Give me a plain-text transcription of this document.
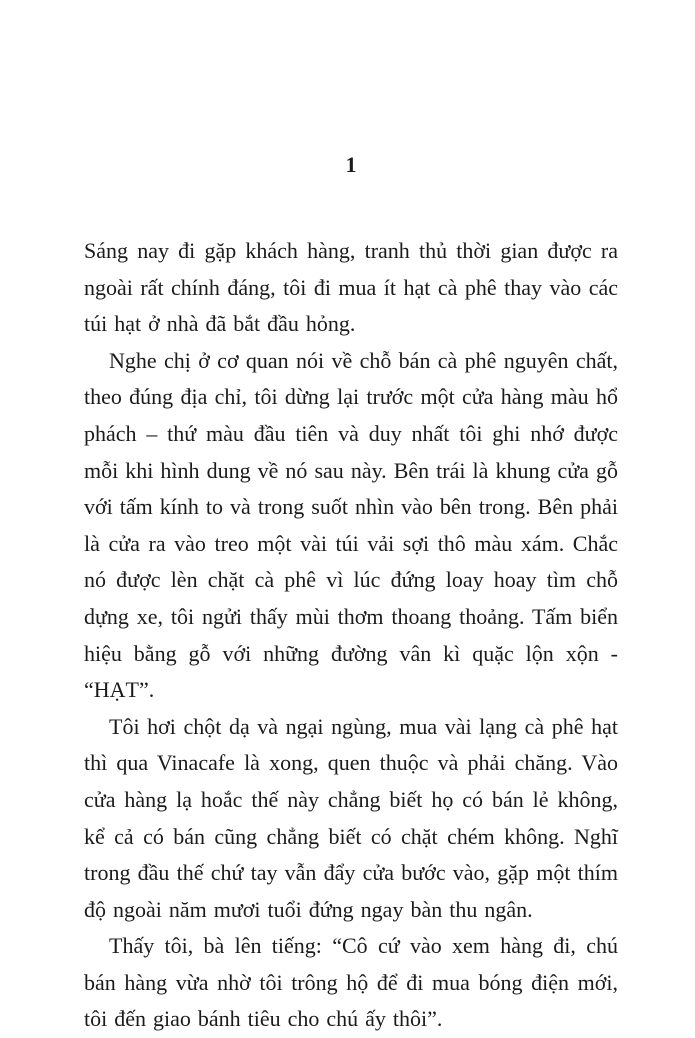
1

Sáng nay đi gặp khách hàng, tranh thủ thời gian được ra ngoài rất chính đáng, tôi đi mua ít hạt cà phê thay vào các túi hạt ở nhà đã bắt đầu hỏng.

Nghe chị ở cơ quan nói về chỗ bán cà phê nguyên chất, theo đúng địa chỉ, tôi dừng lại trước một cửa hàng màu hổ phách – thứ màu đầu tiên và duy nhất tôi ghi nhớ được mỗi khi hình dung về nó sau này. Bên trái là khung cửa gỗ với tấm kính to và trong suốt nhìn vào bên trong. Bên phải là cửa ra vào treo một vài túi vải sợi thô màu xám. Chắc nó được lèn chặt cà phê vì lúc đứng loay hoay tìm chỗ dựng xe, tôi ngửi thấy mùi thơm thoang thoảng. Tấm biển hiệu bằng gỗ với những đường vân kì quặc lộn xộn - “HẠT”.

Tôi hơi chột dạ và ngại ngùng, mua vài lạng cà phê hạt thì qua Vinacafe là xong, quen thuộc và phải chăng. Vào cửa hàng lạ hoắc thế này chẳng biết họ có bán lẻ không, kể cả có bán cũng chẳng biết có chặt chém không. Nghĩ trong đầu thế chứ tay vẫn đẩy cửa bước vào, gặp một thím độ ngoài năm mươi tuổi đứng ngay bàn thu ngân.

Thấy tôi, bà lên tiếng: “Cô cứ vào xem hàng đi, chú bán hàng vừa nhờ tôi trông hộ để đi mua bóng điện mới, tôi đến giao bánh tiêu cho chú ấy thôi”.
